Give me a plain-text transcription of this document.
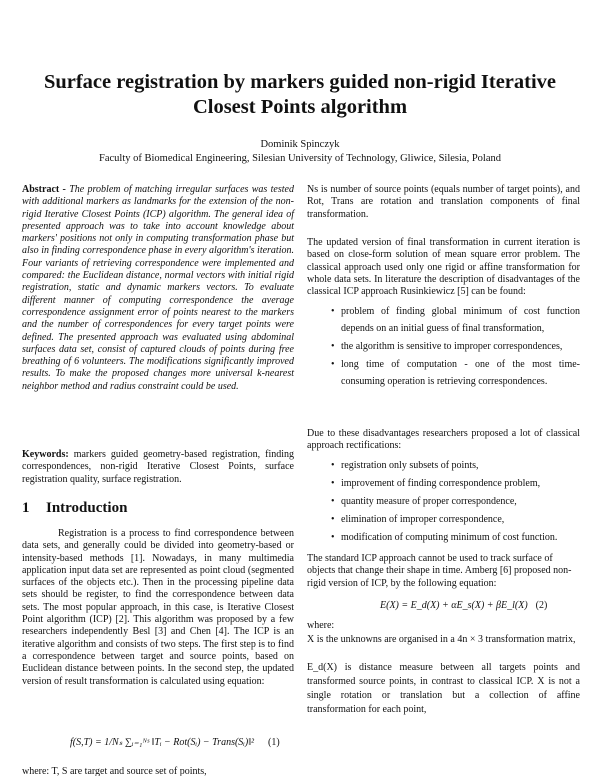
Surface registration by markers guided non-rigid Iterative Closest Points algorithm
Dominik Spinczyk
Faculty of Biomedical Engineering, Silesian University of Technology, Gliwice, Silesia, Poland

Abstract - The problem of matching irregular surfaces was tested with additional markers as landmarks for the extension of the non-rigid Iterative Closest Points (ICP) algorithm. The general idea of presented approach was to take into account knowledge about markers' positions not only in computing transformation phase but also in finding correspondence phase in every algorithm's iteration. Four variants of retrieving correspondence were implemented and compared: the Euclidean distance, normal vectors with initial rigid registration, static and dynamic markers vectors. To evaluate different manner of computing correspondence the average correspondence assignment error of points nearest to the markers and the number of correspondences for every target points were defined. The presented approach was evaluated using abdominal surfaces data set, consist of captured clouds of points during free breathing of 6 volunteers. The modifications significantly improved results. To make the proposed changes more universal k-nearest neighbor method and radius constraint could be used.

Keywords: markers guided geometry-based registration, finding correspondences, non-rigid Iterative Closest Points, surface registration quality, surface registration.

1 Introduction

Registration is a process to find correspondence between data sets, and generally could be divided into geometry-based or intensity-based methods [1]. Nowadays, in many multimedia application input data set are represented as point cloud (segmented surfaces of the objects etc.). Then in the processing pipeline data sets should be register, to find the correspondence between data sets. The most popular approach, in this case, is Iterative Closest Point algorithm (ICP) [2]. This algorithm was proposed by a few researchers independently Besl [3] and Chen [4]. The ICP is an iterative algorithm and consists of two steps. The first step is to find a correspondence between target and source points, based on Euclidean distance between points. In the second step, the updated version of result transformation is calculated using equation:

f(S,T) = 1/Nₛ ∑ᵢ₌₁ᴺˢ ‖Tᵢ − Rot(Sᵢ) − Trans(Sᵢ)‖² (1)

where: T, S are target and source set of points,

Ns is number of source points (equals number of target points), and Rot, Trans are rotation and translation components of final transformation.

The updated version of final transformation in current iteration is based on close-form solution of mean square error problem. The classical approach used only one rigid or affine transformation for whole data sets. In literature the description of disadvantages of the classical ICP approach Rusinkiewicz [5] can be found:

• problem of finding global minimum of cost function depends on an initial guess of final transformation,
• the algorithm is sensitive to improper correspondences,
• long time of computation - one of the most time-consuming operation is retrieving correspondences.

Due to these disadvantages researchers proposed a lot of classical approach rectifications:

• registration only subsets of points,
• improvement of finding correspondence problem,
• quantity measure of proper correspondence,
• elimination of improper correspondence,
• modification of computing minimum of cost function.

The standard ICP approach cannot be used to track surface of objects that change their shape in time. Amberg [6] proposed non-rigid version of ICP, by the following equation:

E(X) = E_d(X) + αE_s(X) + βE_l(X) (2)

where:

X is the unknowns are organised in a 4n × 3 transformation matrix,

E_d(X) is distance measure between all targets points and transformed source points, in contrast to classical ICP. X is not a single rotation or translation but a collection of affine transformation for each point,
